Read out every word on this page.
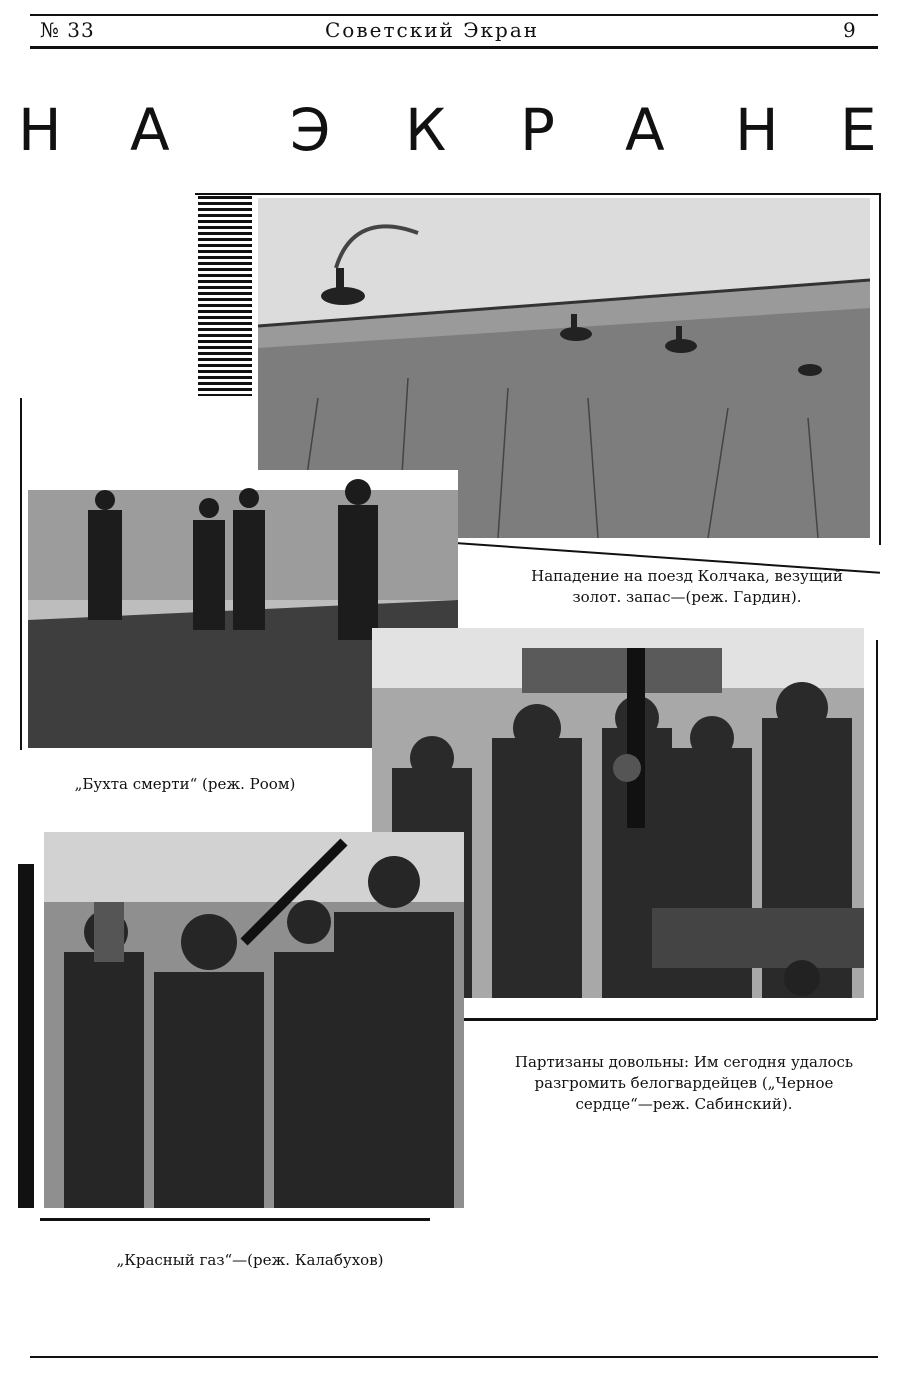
№ 33	Советский Экран	9
Н А Э К Р А Н Е
Нападение на поезд Колчака, везущий золот. запас—(реж. Гардин).
„Бухта смерти“ (реж. Роом)
Партизаны довольны: Им сегодня удалось разгромить белогвардейцев („Черное сердце“—реж. Сабинский).
„Красный газ“—(реж. Калабухов)
